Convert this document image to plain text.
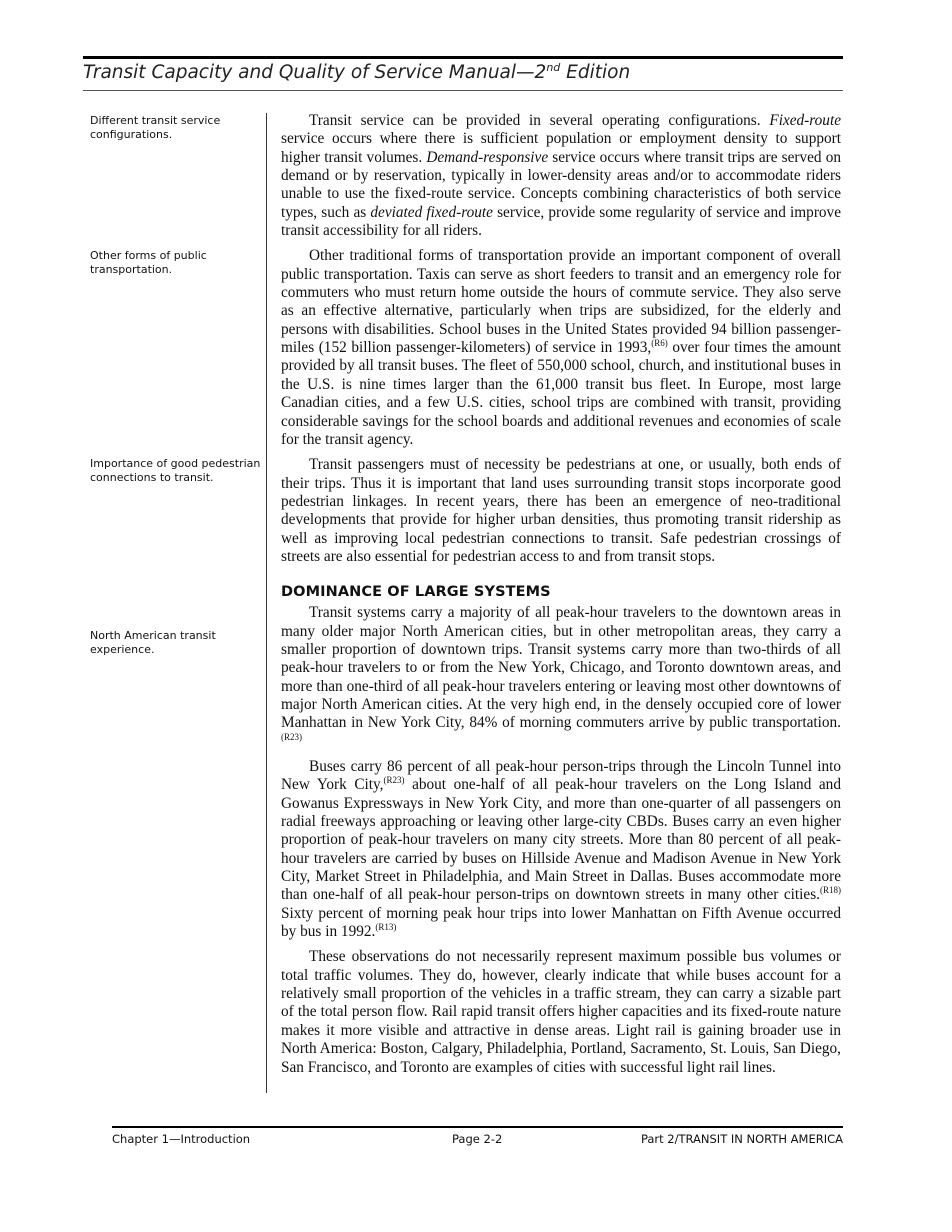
Transit Capacity and Quality of Service Manual—2nd Edition
Different transit service configurations.
Other forms of public transportation.
Importance of good pedestrian connections to transit.
North American transit experience.

Transit service can be provided in several operating configurations. Fixed-route service occurs where there is sufficient population or employment density to support higher transit volumes. Demand-responsive service occurs where transit trips are served on demand or by reservation, typically in lower-density areas and/or to accommodate riders unable to use the fixed-route service. Concepts combining characteristics of both service types, such as deviated fixed-route service, provide some regularity of service and improve transit accessibility for all riders.

Other traditional forms of transportation provide an important component of overall public transportation. Taxis can serve as short feeders to transit and an emergency role for commuters who must return home outside the hours of commute service. They also serve as an effective alternative, particularly when trips are subsidized, for the elderly and persons with disabilities. School buses in the United States provided 94 billion passenger-miles (152 billion passenger-kilometers) of service in 1993,$^{(R6)}$ over four times the amount provided by all transit buses. The fleet of 550,000 school, church, and institutional buses in the U.S. is nine times larger than the 61,000 transit bus fleet. In Europe, most large Canadian cities, and a few U.S. cities, school trips are combined with transit, providing considerable savings for the school boards and additional revenues and economies of scale for the transit agency.

Transit passengers must of necessity be pedestrians at one, or usually, both ends of their trips. Thus it is important that land uses surrounding transit stops incorporate good pedestrian linkages. In recent years, there has been an emergence of neo-traditional developments that provide for higher urban densities, thus promoting transit ridership as well as improving local pedestrian connections to transit. Safe pedestrian crossings of streets are also essential for pedestrian access to and from transit stops.

DOMINANCE OF LARGE SYSTEMS

Transit systems carry a majority of all peak-hour travelers to the downtown areas in many older major North American cities, but in other metropolitan areas, they carry a smaller proportion of downtown trips. Transit systems carry more than two-thirds of all peak-hour travelers to or from the New York, Chicago, and Toronto downtown areas, and more than one-third of all peak-hour travelers entering or leaving most other downtowns of major North American cities. At the very high end, in the densely occupied core of lower Manhattan in New York City, 84% of morning commuters arrive by public transportation.$^{(R23)}$

Buses carry 86 percent of all peak-hour person-trips through the Lincoln Tunnel into New York City,$^{(R23)}$ about one-half of all peak-hour travelers on the Long Island and Gowanus Expressways in New York City, and more than one-quarter of all passengers on radial freeways approaching or leaving other large-city CBDs. Buses carry an even higher proportion of peak-hour travelers on many city streets. More than 80 percent of all peak-hour travelers are carried by buses on Hillside Avenue and Madison Avenue in New York City, Market Street in Philadelphia, and Main Street in Dallas. Buses accommodate more than one-half of all peak-hour person-trips on downtown streets in many other cities.$^{(R18)}$ Sixty percent of morning peak hour trips into lower Manhattan on Fifth Avenue occurred by bus in 1992.$^{(R13)}$

These observations do not necessarily represent maximum possible bus volumes or total traffic volumes. They do, however, clearly indicate that while buses account for a relatively small proportion of the vehicles in a traffic stream, they can carry a sizable part of the total person flow. Rail rapid transit offers higher capacities and its fixed-route nature makes it more visible and attractive in dense areas. Light rail is gaining broader use in North America: Boston, Calgary, Philadelphia, Portland, Sacramento, St. Louis, San Diego, San Francisco, and Toronto are examples of cities with successful light rail lines.

Chapter 1—Introduction	Page 2-2	Part 2/TRANSIT IN NORTH AMERICA
